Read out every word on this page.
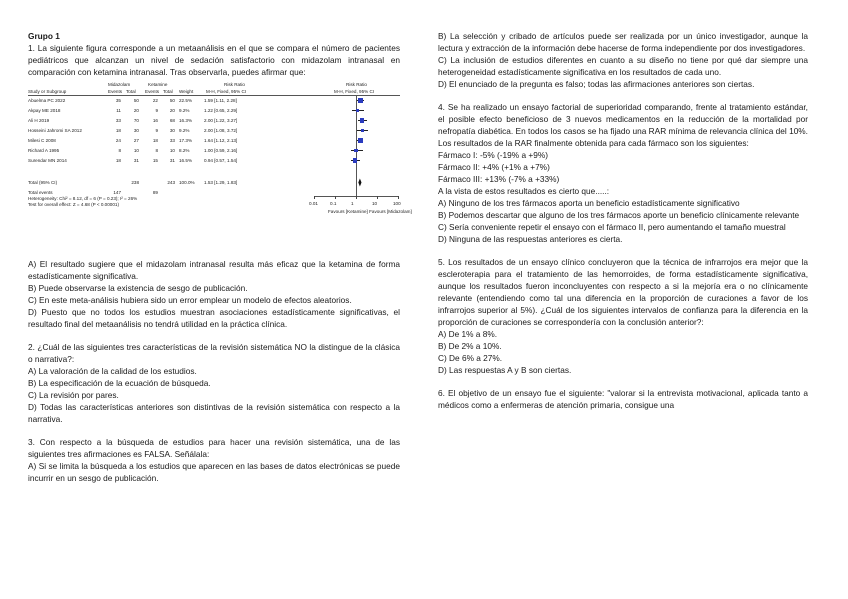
Grupo 1

1. La siguiente figura corresponde a un metaanálisis en el que se compara el número de pacientes pediátricos que alcanzan un nivel de sedación satisfactorio con midazolam intranasal en comparación con ketamina intranasal. Tras observarla, puedes afirmar que:

Midazolam	Ketamine	Risk Ratio	Risk Ratio
Study or Subgroup	Events Total Events Total Weight	M-H, Fixed, 95% CI	M-H, Fixed, 95% CI
Abuelma PC 2022	35	50	22	50 22.5%	1.59 [1.11, 2.28]
Akpay ME 2018	11	20	9	20 9.2%	1.22 [0.65, 2.29]
Ali H 2019	33	70	16	68 16.3%	2.00 [1.22, 3.27]
Hosseini Jahromi SA 2012	18	30	9	30 9.2%	2.00 [1.08, 3.72]
Milesi C 2008	24	27	18	33 17.3%	1.64 [1.12, 2.13]
Richard A 1995	8	10	8	10 8.2%	1.00 [0.59, 2.16]
Surendar MN 2014	18	31	15	31 16.5%	0.94 [0.57, 1.54]
Total (95% CI)	238	243 100.0% 1.53 [1.29, 1.83]
Total events	147	89
Heterogeneity: Chi² = 8.12, df = 6 (P = 0.23); I² = 26%
Test for overall effect: Z = 4.68 (P < 0.00001)	0.01	0.1	1	10	100
Favours [Ketamine] Favours [Midazolam]

A) El resultado sugiere que el midazolam intranasal resulta más eficaz que la ketamina de forma estadísticamente significativa.

B) Puede observarse la existencia de sesgo de publicación.

C) En este meta-análisis hubiera sido un error emplear un modelo de efectos aleatorios.

D) Puesto que no todos los estudios muestran asociaciones estadísticamente significativas, el resultado final del metaanálisis no tendrá utilidad en la práctica clínica.

2. ¿Cuál de las siguientes tres características de la revisión sistemática NO la distingue de la clásica o narrativa?:

A) La valoración de la calidad de los estudios.

B) La especificación de la ecuación de búsqueda.

C) La revisión por pares.

D) Todas las características anteriores son distintivas de la revisión sistemática con respecto a la narrativa.

3. Con respecto a la búsqueda de estudios para hacer una revisión sistemática, una de las siguientes tres afirmaciones es FALSA. Señálala:

A) Si se limita la búsqueda a los estudios que aparecen en las bases de datos electrónicas se puede incurrir en un sesgo de publicación.

B) La selección y cribado de artículos puede ser realizada por un único investigador, aunque la lectura y extracción de la información debe hacerse de forma independiente por dos investigadores.

C) La inclusión de estudios diferentes en cuanto a su diseño no tiene por qué dar siempre una heterogeneidad estadísticamente significativa en los resultados de cada uno.

D) El enunciado de la pregunta es falso; todas las afirmaciones anteriores son ciertas.

4. Se ha realizado un ensayo factorial de superioridad comparando, frente al tratamiento estándar, el posible efecto beneficioso de 3 nuevos medicamentos en la reducción de la mortalidad por nefropatía diabética. En todos los casos se ha fijado una RAR mínima de relevancia clínica del 10%. Los resultados de la RAR finalmente obtenida para cada fármaco son los siguientes:

Fármaco I: -5% (-19% a +9%)

Fármaco II: +4% (+1% a +7%)

Fármaco III: +13% (-7% a +33%)

A la vista de estos resultados es cierto que.....:

A) Ninguno de los tres fármacos aporta un beneficio estadísticamente significativo

B) Podemos descartar que alguno de los tres fármacos aporte un beneficio clínicamente relevante

C) Sería conveniente repetir el ensayo con el fármaco II, pero aumentando el tamaño muestral

D) Ninguna de las respuestas anteriores es cierta.

5. Los resultados de un ensayo clínico concluyeron que la técnica de infrarrojos era mejor que la escleroterapia para el tratamiento de las hemorroides, de forma estadísticamente significativa, aunque los resultados fueron inconcluyentes con respecto a si la mejoría era o no clínicamente relevante (entendiendo como tal una diferencia en la proporción de curaciones a favor de los infrarrojos superior al 5%). ¿Cuál de los siguientes intervalos de confianza para la diferencia en la proporción de curaciones se correspondería con la conclusión anterior?:

A) De 1% a 8%.

B) De 2% a 10%.

C) De 6% a 27%.

D) Las respuestas A y B son ciertas.

6. El objetivo de un ensayo fue el siguiente: "valorar si la entrevista motivacional, aplicada tanto a médicos como a enfermeras de atención primaria, consigue una
